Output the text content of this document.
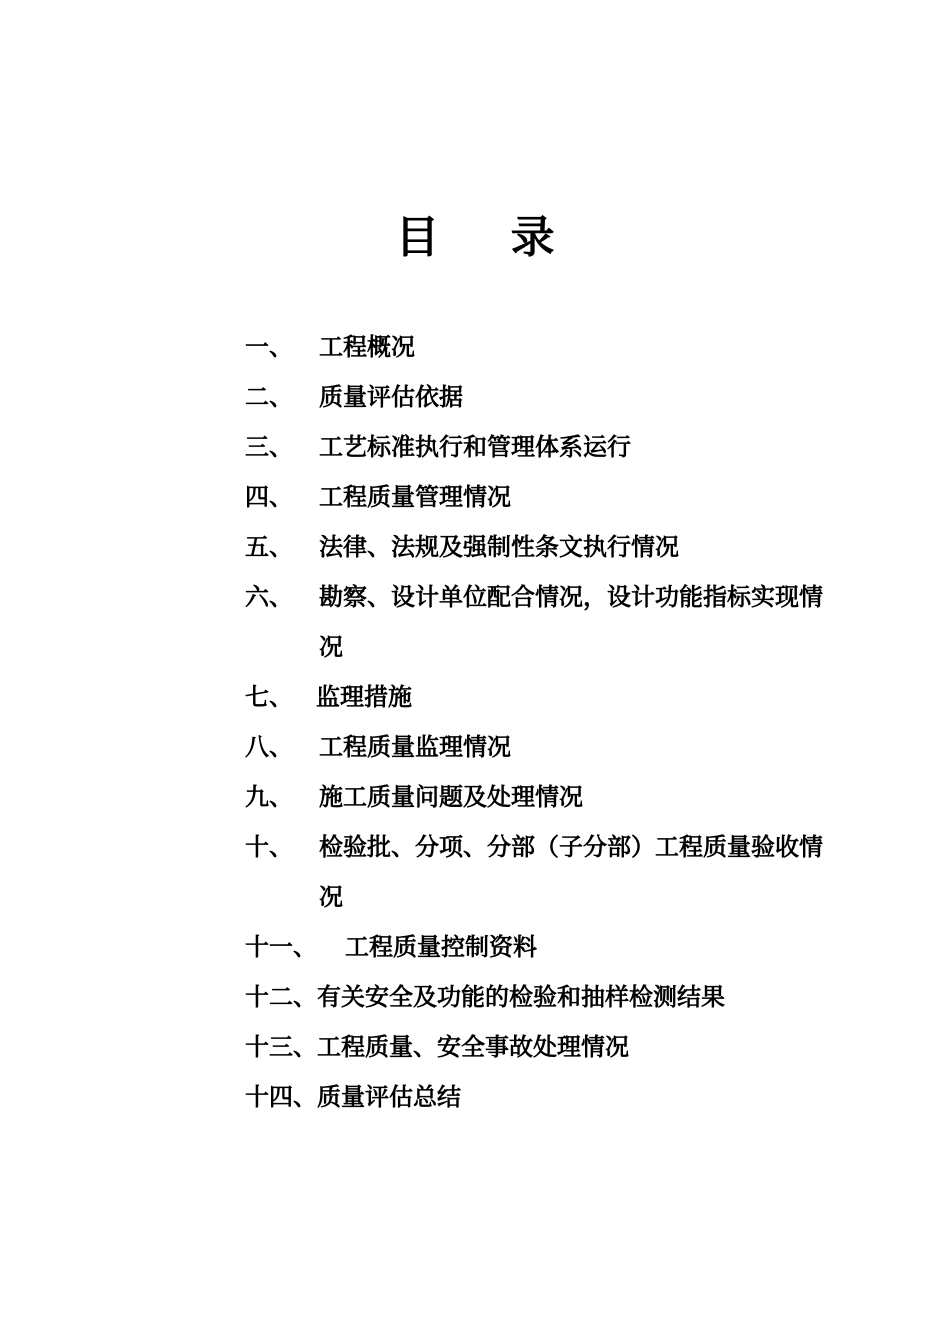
目 录
一、	工程概况
二、	质量评估依据
三、	工艺标准执行和管理体系运行
四、	工程质量管理情况
五、	法律、法规及强制性条文执行情况
六、	勘察、设计单位配合情况，设计功能指标实现情况
七、 监理措施
八、	工程质量监理情况
九、	施工质量问题及处理情况
十、	检验批、分项、分部（子分部）工程质量验收情况
十一、	工程质量控制资料
十二、有关安全及功能的检验和抽样检测结果
十三、工程质量、安全事故处理情况
十四、质量评估总结
